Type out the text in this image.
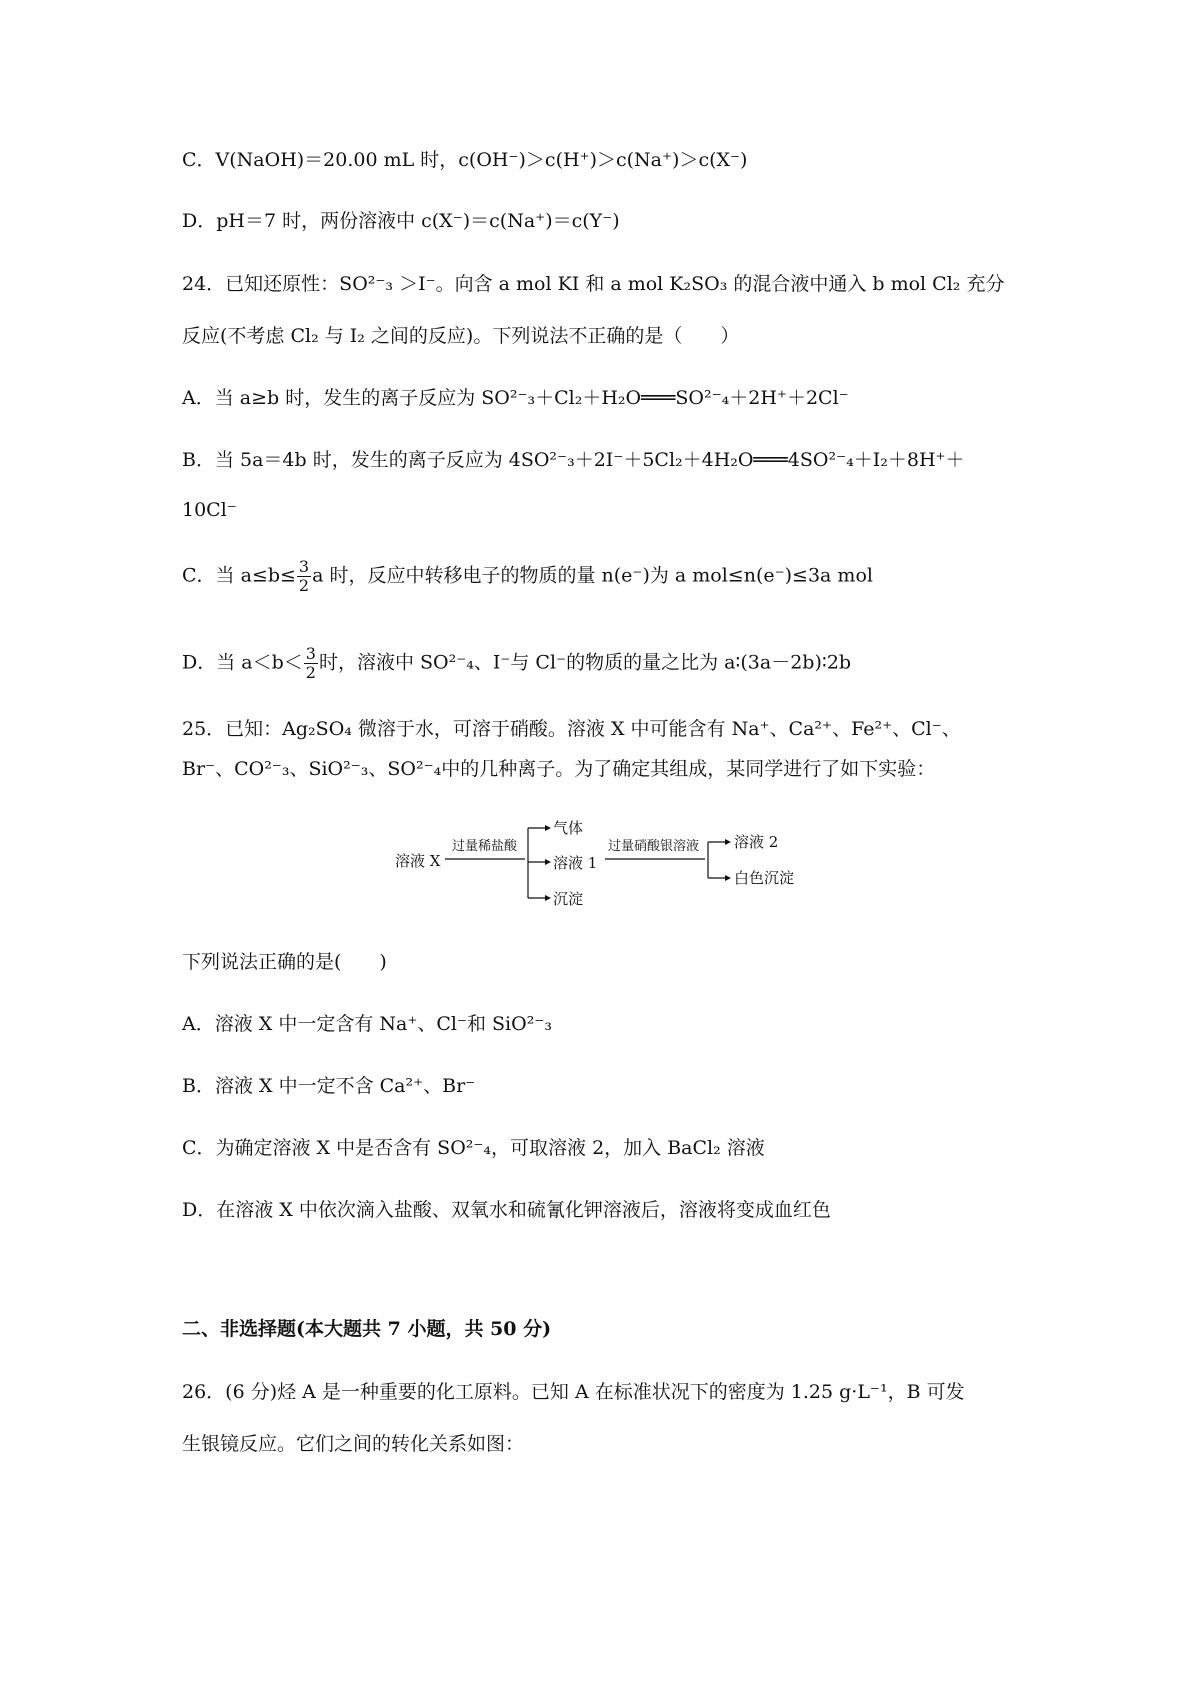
C．V(NaOH)＝20.00 mL 时，c(OH⁻)＞c(H⁺)＞c(Na⁺)＞c(X⁻)
D．pH＝7 时，两份溶液中 c(X⁻)＝c(Na⁺)＝c(Y⁻)
24．已知还原性：SO²⁻₃ ＞I⁻。向含 a mol KI 和 a mol K₂SO₃ 的混合液中通入 b mol Cl₂ 充分
反应(不考虑 Cl₂ 与 I₂ 之间的反应)。下列说法不正确的是（　　）
A．当 a≥b 时，发生的离子反应为 SO²⁻₃＋Cl₂＋H₂O═══SO²⁻₄＋2H⁺＋2Cl⁻
B．当 5a＝4b 时，发生的离子反应为 4SO²⁻₃＋2I⁻＋5Cl₂＋4H₂O═══4SO²⁻₄＋I₂＋8H⁺＋
10Cl⁻
C．当 $a\le b\le \frac{3}{2}$ a 时，反应中转移电子的物质的量 n(e⁻)为 a mol≤n(e⁻)≤3a mol
D．当 $a<b< \frac{3}{2}$ 时，溶液中 SO²⁻₄、I⁻与 Cl⁻的物质的量之比为 a∶(3a－2b)∶2b
25．已知：Ag₂SO₄ 微溶于水，可溶于硝酸。溶液 X 中可能含有 Na⁺、Ca²⁺、Fe²⁺、Cl⁻、
Br⁻、CO²⁻₃、SiO²⁻₃、SO²⁻₄中的几种离子。为了确定其组成，某同学进行了如下实验：
溶液 X
过量稀盐酸
气体
溶液 1
沉淀
过量硝酸银溶液 溶液 2
白色沉淀
下列说法正确的是(　　)
A．溶液 X 中一定含有 Na⁺、Cl⁻和 SiO²⁻₃
B．溶液 X 中一定不含 Ca²⁺、Br⁻
C．为确定溶液 X 中是否含有 SO²⁻₄，可取溶液 2，加入 BaCl₂ 溶液
D．在溶液 X 中依次滴入盐酸、双氧水和硫氰化钾溶液后，溶液将变成血红色
二、非选择题(本大题共 7 小题，共 50 分)
26．(6 分)烃 A 是一种重要的化工原料。已知 A 在标准状况下的密度为 1.25 g·L⁻¹，B 可发
生银镜反应。它们之间的转化关系如图：
